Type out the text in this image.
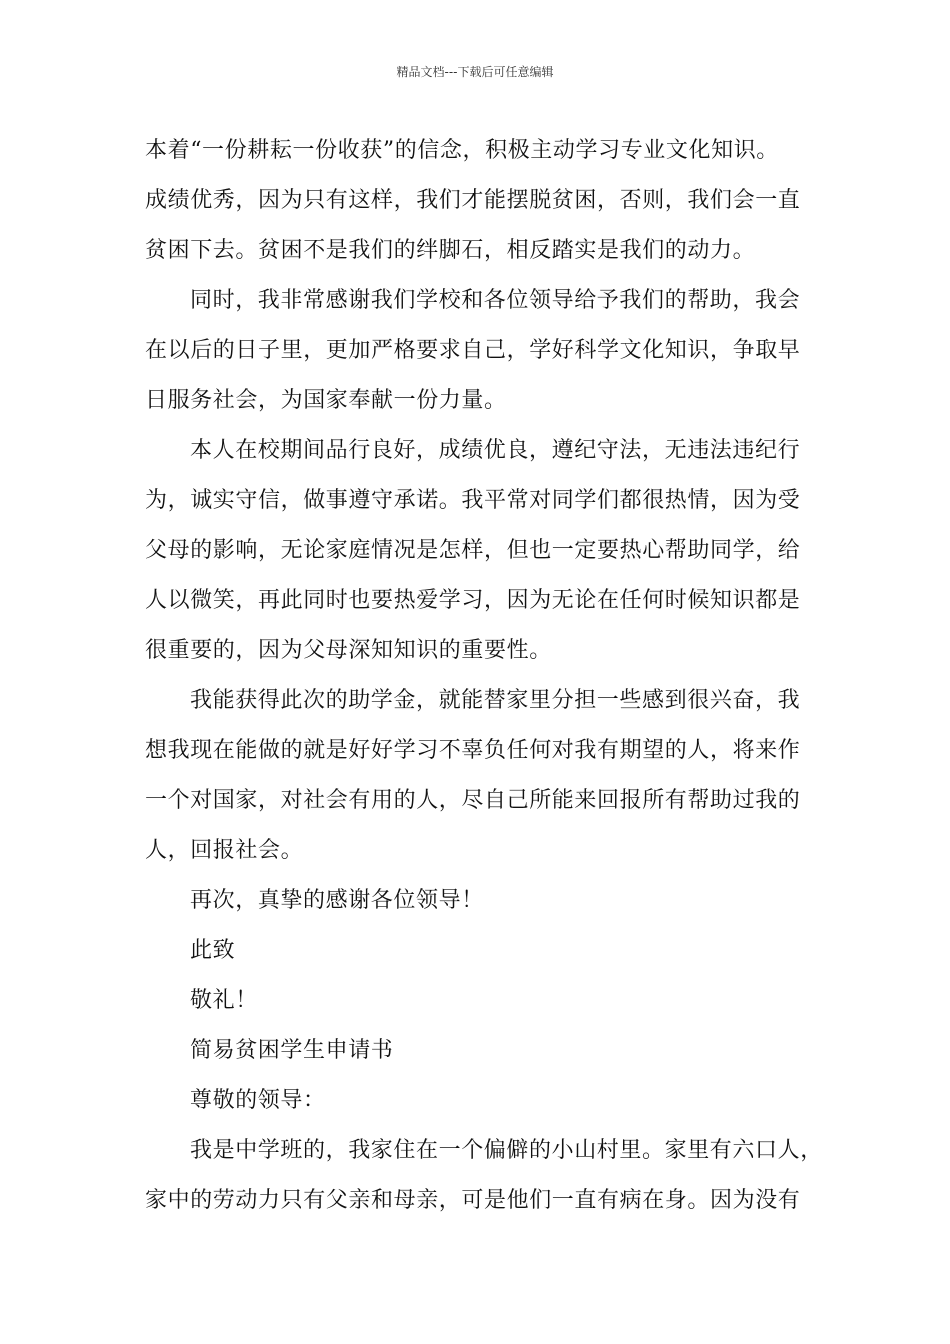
精品文档---下载后可任意编辑
本着“一份耕耘一份收获”的信念，积极主动学习专业文化知识。
成绩优秀，因为只有这样，我们才能摆脱贫困，否则，我们会一直
贫困下去。贫困不是我们的绊脚石，相反踏实是我们的动力。
同时，我非常感谢我们学校和各位领导给予我们的帮助，我会
在以后的日子里，更加严格要求自己，学好科学文化知识，争取早
日服务社会，为国家奉献一份力量。
本人在校期间品行良好，成绩优良，遵纪守法，无违法违纪行
为，诚实守信，做事遵守承诺。我平常对同学们都很热情，因为受
父母的影响，无论家庭情况是怎样，但也一定要热心帮助同学，给
人以微笑，再此同时也要热爱学习，因为无论在任何时候知识都是
很重要的，因为父母深知知识的重要性。
我能获得此次的助学金，就能替家里分担一些感到很兴奋，我
想我现在能做的就是好好学习不辜负任何对我有期望的人，将来作
一个对国家，对社会有用的人，尽自己所能来回报所有帮助过我的
人，回报社会。
再次，真挚的感谢各位领导！
此致
敬礼！
简易贫困学生申请书
尊敬的领导：
我是中学班的，我家住在一个偏僻的小山村里。家里有六口人，
家中的劳动力只有父亲和母亲，可是他们一直有病在身。因为没有
